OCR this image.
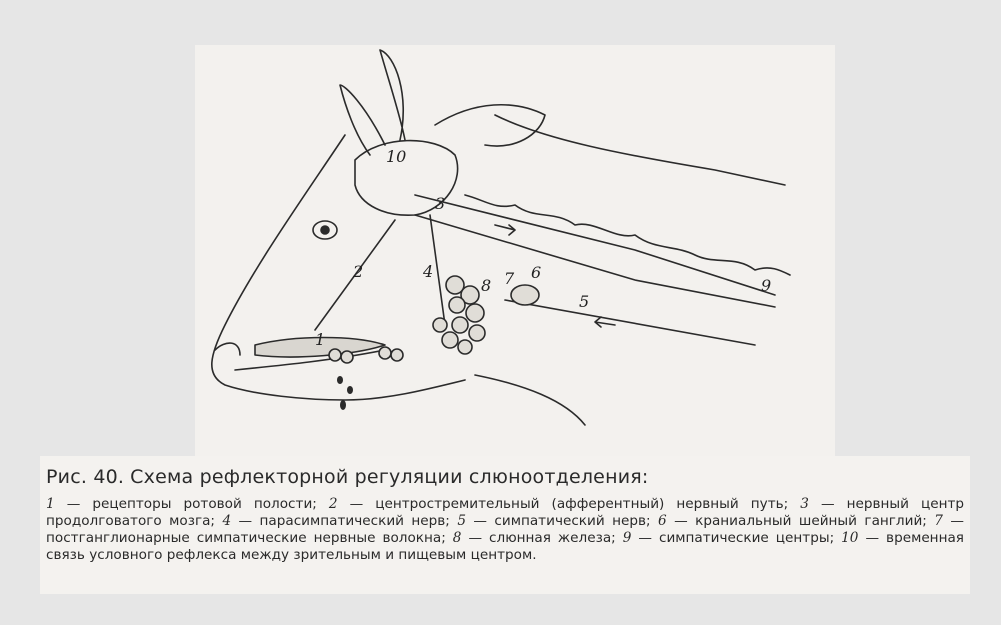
1
2
3
4
5
6
7
8	9
10
Рис. 40. Схема рефлекторной регуляции слюноотделения:

1 — рецепторы ротовой полости; 2 — центростремительный (афферентный) нервный путь; 3 — нервный центр продолговатого мозга; 4 — парасимпатический нерв; 5 — симпатический нерв; 6 — краниальный шейный ганглий; 7 — постганглионарные симпатические нервные волокна; 8 — слюнная железа; 9 — симпатические центры; 10 — временная связь условного рефлекса между зрительным и пищевым центром.
